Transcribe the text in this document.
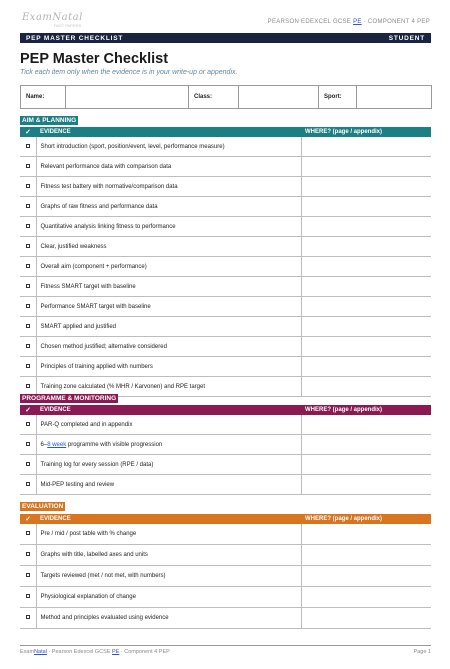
ExamNatal
PAST PAPERS
PEARSON EDEXCEL GCSE PE · COMPONENT 4 PEP
PEP MASTER CHECKLIST	STUDENT
PEP Master Checklist
Tick each item only when the evidence is in your write-up or appendix.
Name:		Class:		Sport:	
AIM & PLANNING
✓	EVIDENCE	WHERE? (page / appendix)
	Short introduction (sport, position/event, level, performance measure)	
	Relevant performance data with comparison data	
	Fitness test battery with normative/comparison data	
	Graphs of raw fitness and performance data	
	Quantitative analysis linking fitness to performance	
	Clear, justified weakness	
	Overall aim (component + performance)	
	Fitness SMART target with baseline	
	Performance SMART target with baseline	
	SMART applied and justified	
	Chosen method justified; alternative considered	
	Principles of training applied with numbers	
	Training zone calculated (% MHR / Karvonen) and RPE target	
PROGRAMME & MONITORING
✓	EVIDENCE	WHERE? (page / appendix)
	PAR-Q completed and in appendix	
	6–8 week programme with visible progression	
	Training log for every session (RPE / data)	
	Mid-PEP testing and review	
EVALUATION
✓	EVIDENCE	WHERE? (page / appendix)
	Pre / mid / post table with % change	
	Graphs with title, labelled axes and units	
	Targets reviewed (met / not met, with numbers)	
	Physiological explanation of change	
	Method and principles evaluated using evidence	
ExamNatal · Pearson Edexcel GCSE PE · Component 4 PEP	Page 1
